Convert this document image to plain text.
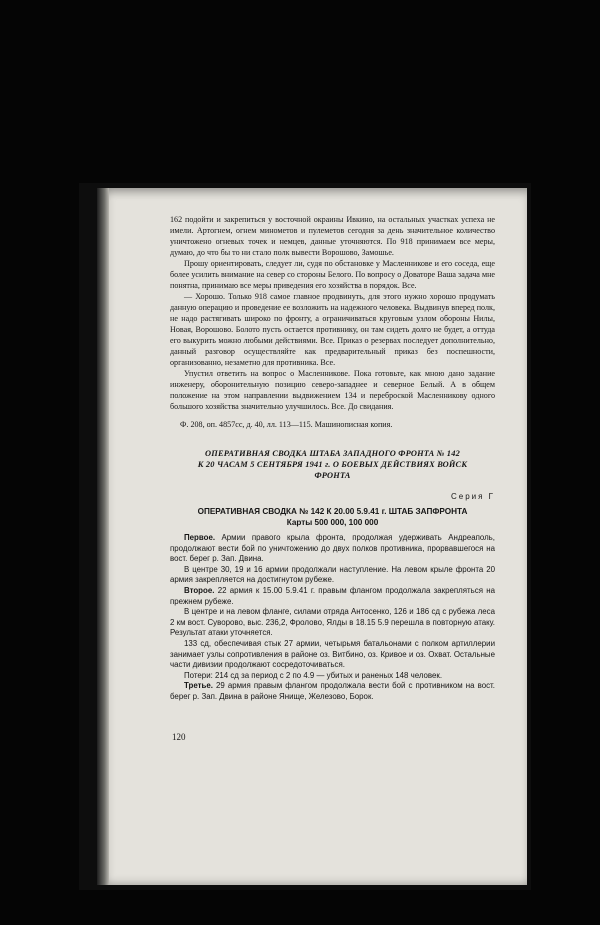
162 подойти и закрепиться у восточной окраины Ивкино, на остальных участках успеха не имели. Артогнем, огнем минометов и пулеметов сегодня за день значительное количество уничтожено огневых точек и немцев, данные уточняются. По 918 принимаем все меры, думаю, до что бы то ни стало полк вывести Ворошово, Замошье.

Прошу ориентировать, следует ли, судя по обстановке у Масленникове и его соседа, еще более усилить внимание на север со стороны Белого. По вопросу о Доваторе Ваша задача мне понятна, принимаю все меры приведения его хозяйства в порядок. Все.

— Хорошо. Только 918 самое главное продвинуть, для этого нужно хорошо продумать данную операцию и проведение ее возложить на надежного человека. Выдвинув вперед полк, не надо растягивать широко по фронту, а ограничиваться круговым узлом обороны Нилы, Новая, Ворошово. Болото пусть остается противнику, он там сидеть долго не будет, а оттуда его выкурить можно любыми действиями. Все. Приказ о резервах последует дополнительно, данный разговор осуществляйте как предварительный приказ без поспешности, организованно, незаметно для противника. Все.

Упустил ответить на вопрос о Масленникове. Пока готовьте, как мною дано задание инженеру, оборонительную позицию северо-западнее и северное Белый. А в общем положение на этом направлении выдвижением 134 и переброской Масленникову одного большого хозяйства значительно улучшилось. Все. До свидания.

Ф. 208, оп. 4857сс, д. 40, лл. 113—115. Машинописная копия.

ОПЕРАТИВНАЯ СВОДКА ШТАБА ЗАПАДНОГО ФРОНТА № 142
К 20 ЧАСАМ 5 СЕНТЯБРЯ 1941 г. О БОЕВЫХ ДЕЙСТВИЯХ ВОЙСК
ФРОНТА

Серия Г

ОПЕРАТИВНАЯ СВОДКА № 142 К 20.00 5.9.41 г. ШТАБ ЗАПФРОНТА
Карты 500 000, 100 000

Первое. Армии правого крыла фронта, продолжая удерживать Андреаполь, продолжают вести бой по уничтожению до двух полков противника, прорвавшегося на вост. берег р. Зап. Двина.

В центре 30, 19 и 16 армии продолжали наступление. На левом крыле фронта 20 армия закрепляется на достигнутом рубеже.

Второе. 22 армия к 15.00 5.9.41 г. правым флангом продолжала закрепляться на прежнем рубеже.

В центре и на левом фланге, силами отряда Антосенко, 126 и 186 сд с рубежа леса 2 км вост. Суворово, выс. 236,2, Фролово, Ялды в 18.15 5.9 перешла в повторную атаку. Результат атаки уточняется.

133 сд, обеспечивая стык 27 армии, четырьмя батальонами с полком артиллерии занимает узлы сопротивления в районе оз. Витбино, оз. Кривое и оз. Охват. Остальные части дивизии продолжают сосредоточиваться.

Потери: 214 сд за период с 2 по 4.9 — убитых и раненых 148 человек.

Третье. 29 армия правым флангом продолжала вести бой с противником на вост. берег р. Зап. Двина в районе Янище, Железово, Борок.

120
